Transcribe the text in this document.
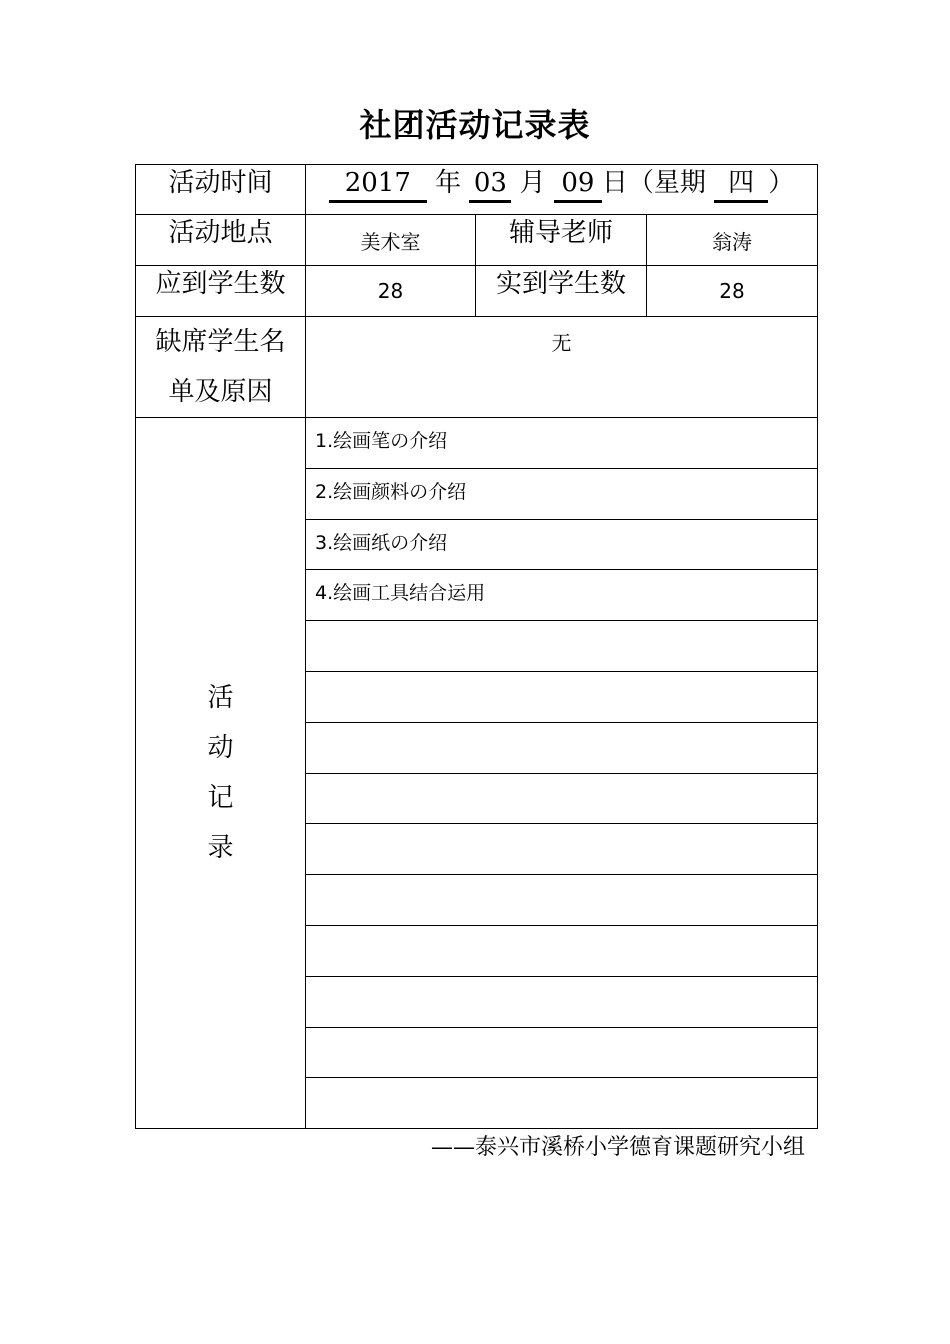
社团活动记录表
活动时间	2017 年 03 月 09 日（星期 四 ）		
活动地点	美术室	辅导老师	翁涛
应到学生数	28	实到学生数	28

缺席学生名
单及原因	无		

活
动
记
录	1.绘画笔の介绍		
	2.绘画颜料の介绍		
	3.绘画纸の介绍		
	4.绘画工具结合运用		

——泰兴市溪桥小学德育课题研究小组
